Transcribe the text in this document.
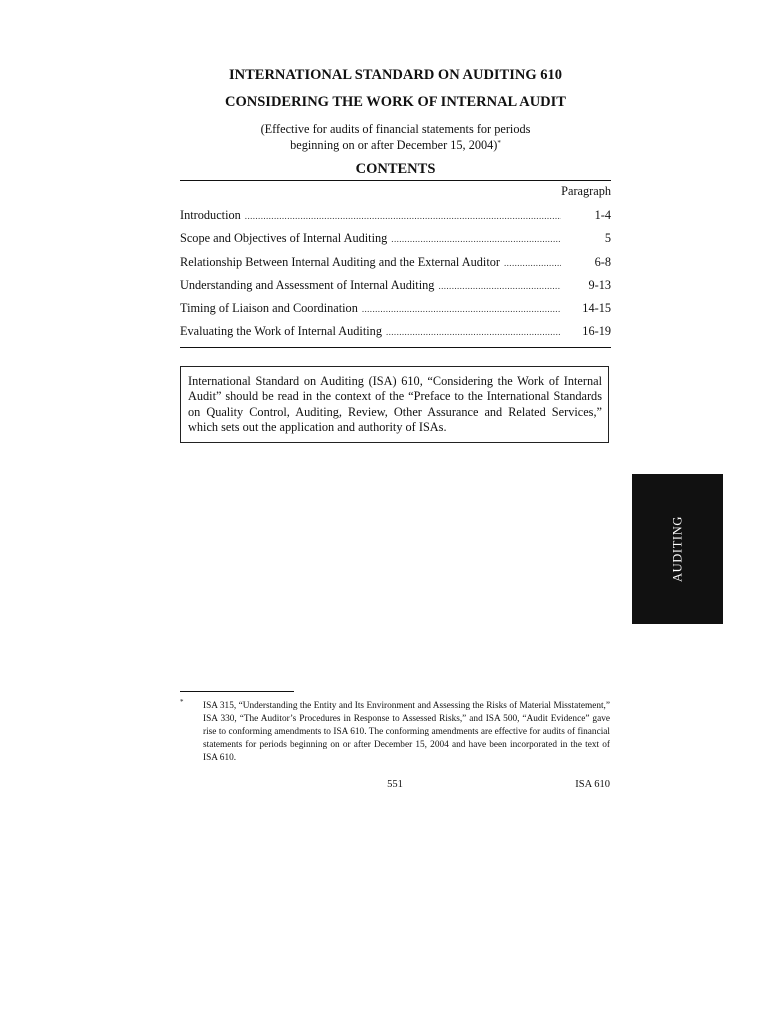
INTERNATIONAL STANDARD ON AUDITING 610
CONSIDERING THE WORK OF INTERNAL AUDIT
(Effective for audits of financial statements for periods
beginning on or after December 15, 2004)*
CONTENTS
Paragraph
Introduction .....	1-4
Scope and Objectives of Internal Auditing .....	5
Relationship Between Internal Auditing and the External Auditor .....	6-8
Understanding and Assessment of Internal Auditing .....	9-13
Timing of Liaison and Coordination .....	14-15
Evaluating the Work of Internal Auditing .....	16-19
International Standard on Auditing (ISA) 610, “Considering the Work of Internal Audit” should be read in the context of the “Preface to the International Standards on Quality Control, Auditing, Review, Other Assurance and Related Services,” which sets out the application and authority of ISAs.
AUDITING
* ISA 315, “Understanding the Entity and Its Environment and Assessing the Risks of Material Misstatement,” ISA 330, “The Auditor’s Procedures in Response to Assessed Risks,” and ISA 500, “Audit Evidence” gave rise to conforming amendments to ISA 610. The conforming amendments are effective for audits of financial statements for periods beginning on or after December 15, 2004 and have been incorporated in the text of ISA 610.
551	ISA 610
